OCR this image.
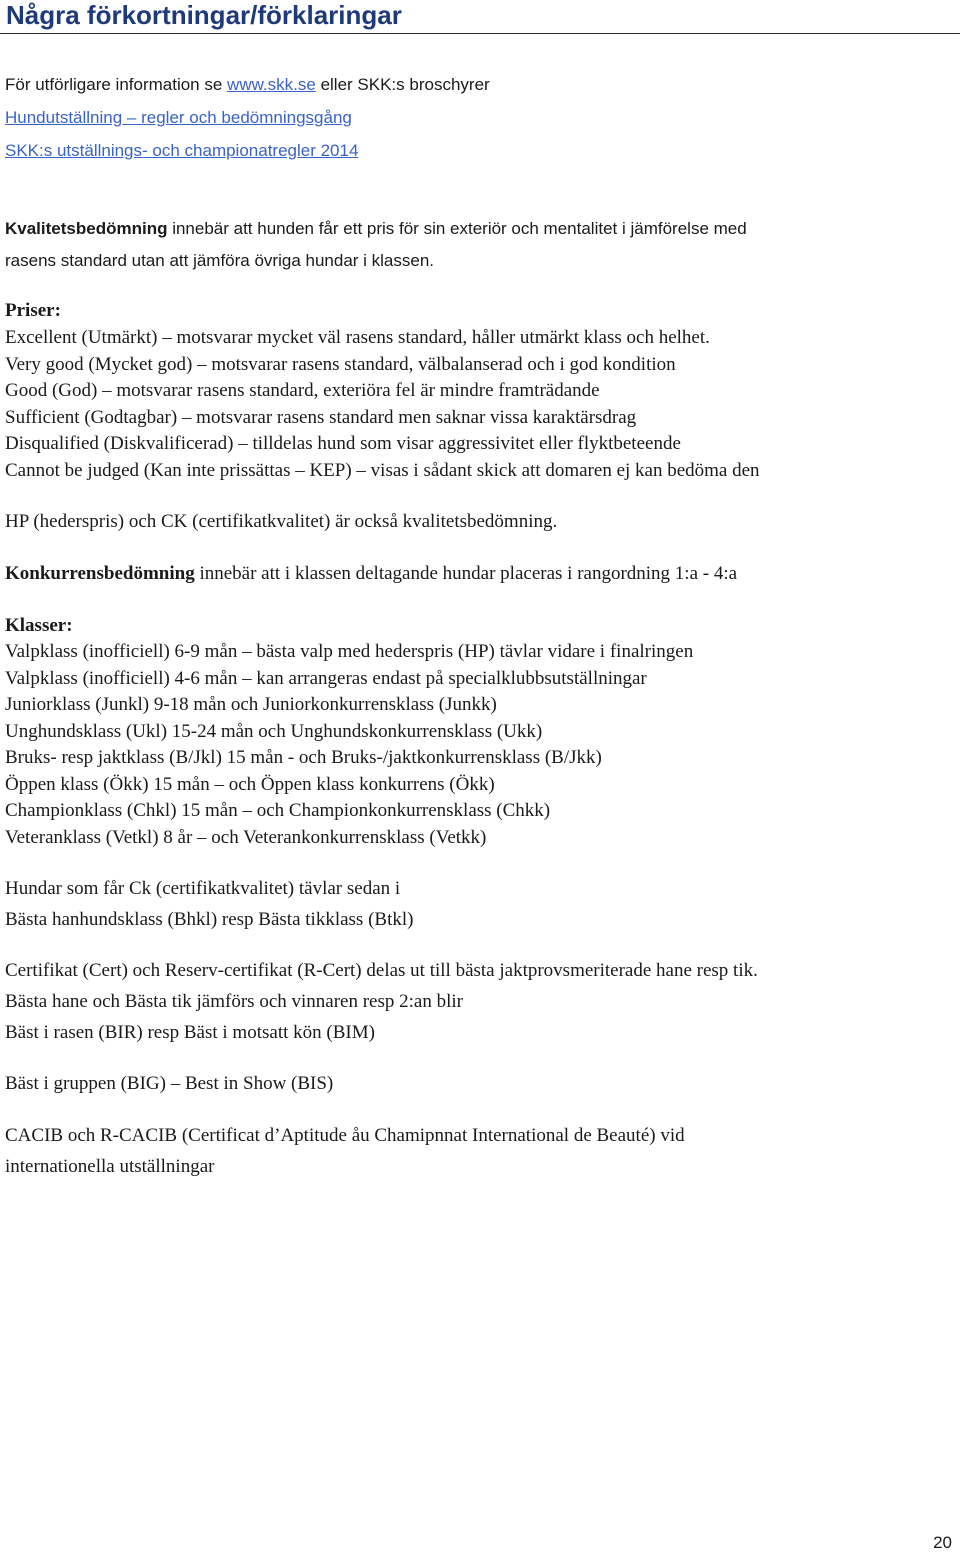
Några förkortningar/förklaringar
För utförligare information se www.skk.se eller SKK:s broschyrer
Hundutställning – regler och bedömningsgång
SKK:s utställnings- och championatregler 2014
Kvalitetsbedömning innebär att hunden får ett pris för sin exteriör och mentalitet i jämförelse med
rasens standard utan att jämföra övriga hundar i klassen.
Priser:
Excellent (Utmärkt) – motsvarar mycket väl rasens standard, håller utmärkt klass och helhet.
Very good (Mycket god) – motsvarar rasens standard, välbalanserad och i god kondition
Good (God) – motsvarar rasens standard, exteriöra fel är mindre framträdande
Sufficient (Godtagbar) – motsvarar rasens standard men saknar vissa karaktärsdrag
Disqualified (Diskvalificerad) – tilldelas hund som visar aggressivitet eller flyktbeteende
Cannot be judged (Kan inte prissättas – KEP) – visas i sådant skick att domaren ej kan bedöma den
HP (hederspris) och CK (certifikatkvalitet) är också kvalitetsbedömning.
Konkurrensbedömning innebär att i klassen deltagande hundar placeras i rangordning 1:a - 4:a
Klasser:
Valpklass (inofficiell) 6-9 mån – bästa valp med hederspris (HP) tävlar vidare i finalringen
Valpklass (inofficiell) 4-6 mån – kan arrangeras endast på specialklubbsutställningar
Juniorklass (Junkl) 9-18 mån och Juniorkonkurrensklass (Junkk)
Unghundsklass (Ukl) 15-24 mån och Unghundskonkurrensklass (Ukk)
Bruks- resp jaktklass (B/Jkl) 15 mån - och Bruks-/jaktkonkurrensklass (B/Jkk)
Öppen klass (Ökk) 15 mån – och Öppen klass konkurrens (Ökk)
Championklass (Chkl) 15 mån – och Championkonkurrensklass (Chkk)
Veteranklass (Vetkl) 8 år – och Veterankonkurrensklass (Vetkk)
Hundar som får Ck (certifikatkvalitet) tävlar sedan i
Bästa hanhundsklass (Bhkl) resp Bästa tikklass (Btkl)
Certifikat (Cert) och Reserv-certifikat (R-Cert) delas ut till bästa jaktprovsmeriterade hane resp tik.
Bästa hane och Bästa tik jämförs och vinnaren resp 2:an blir
Bäst i rasen (BIR) resp Bäst i motsatt kön (BIM)
Bäst i gruppen (BIG) – Best in Show (BIS)
CACIB och R-CACIB (Certificat d’Aptitude åu Chamipnnat International de Beauté) vid
internationella utställningar
20
